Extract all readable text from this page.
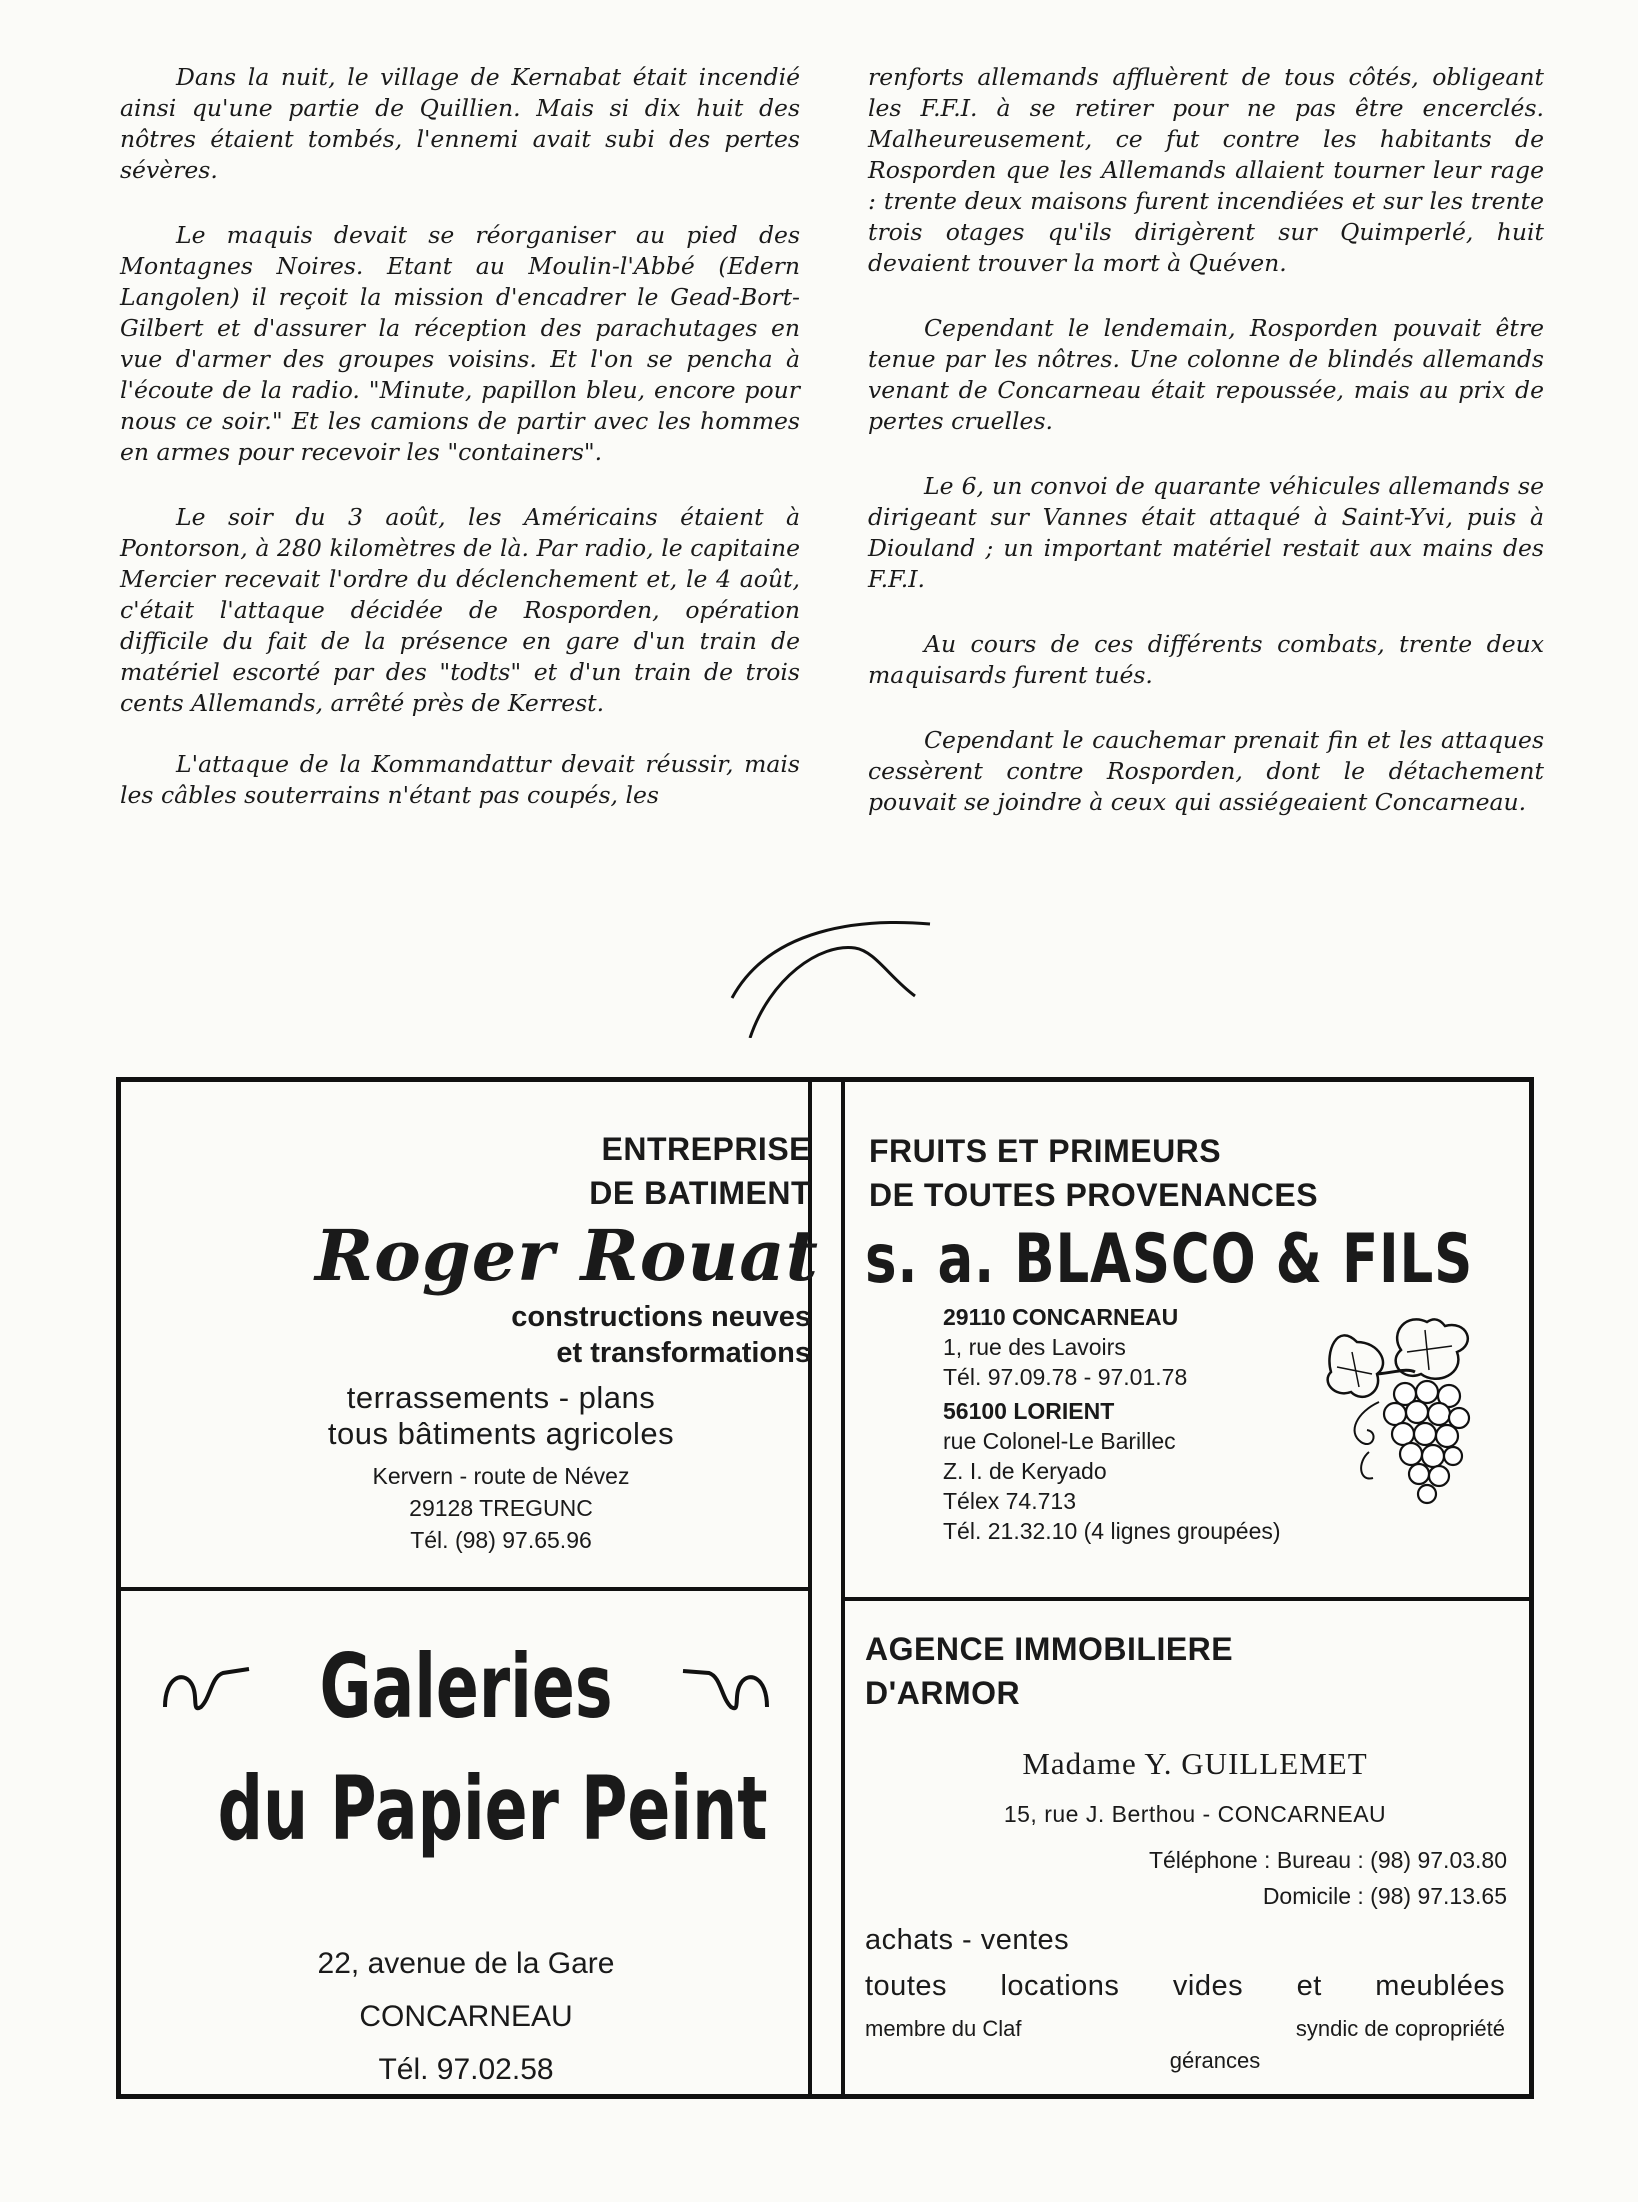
Dans la nuit, le village de Kernabat était incendié ainsi qu'une partie de Quillien. Mais si dix huit des nôtres étaient tombés, l'ennemi avait subi des pertes sévères.

Le maquis devait se réorganiser au pied des Montagnes Noires. Etant au Moulin-l'Abbé (Edern Langolen) il reçoit la mission d'encadrer le Gead-Bort-Gilbert et d'assurer la réception des parachutages en vue d'armer des groupes voisins. Et l'on se pencha à l'écoute de la radio. "Minute, papillon bleu, encore pour nous ce soir." Et les camions de partir avec les hommes en armes pour recevoir les "containers".

Le soir du 3 août, les Américains étaient à Pontorson, à 280 kilomètres de là. Par radio, le capitaine Mercier recevait l'ordre du déclenchement et, le 4 août, c'était l'attaque décidée de Rosporden, opération difficile du fait de la présence en gare d'un train de matériel escorté par des "todts" et d'un train de trois cents Allemands, arrêté près de Kerrest.

L'attaque de la Kommandattur devait réussir, mais les câbles souterrains n'étant pas coupés, les

renforts allemands affluèrent de tous côtés, obligeant les F.F.I. à se retirer pour ne pas être encerclés. Malheureusement, ce fut contre les habitants de Rosporden que les Allemands allaient tourner leur rage : trente deux maisons furent incendiées et sur les trente trois otages qu'ils dirigèrent sur Quimperlé, huit devaient trouver la mort à Quéven.

Cependant le lendemain, Rosporden pouvait être tenue par les nôtres. Une colonne de blindés allemands venant de Concarneau était repoussée, mais au prix de pertes cruelles.

Le 6, un convoi de quarante véhicules allemands se dirigeant sur Vannes était attaqué à Saint-Yvi, puis à Diouland ; un important matériel restait aux mains des F.F.I.

Au cours de ces différents combats, trente deux maquisards furent tués.

Cependant le cauchemar prenait fin et les attaques cessèrent contre Rosporden, dont le détachement pouvait se joindre à ceux qui assiégeaient Concarneau.

ENTREPRISE
DE BATIMENT
Roger Rouat
constructions neuves
et transformations
terrassements - plans
tous bâtiments agricoles
Kervern - route de Névez
29128 TREGUNC
Tél. (98) 97.65.96
FRUITS ET PRIMEURS
DE TOUTES PROVENANCES
s. a. BLASCO & FILS
29110 CONCARNEAU
1, rue des Lavoirs
Tél. 97.09.78 - 97.01.78
56100 LORIENT
rue Colonel-Le Barillec
Z. I. de Keryado
Télex 74.713
Tél. 21.32.10 (4 lignes groupées)
Galeries
du Papier Peint
22, avenue de la Gare
CONCARNEAU
Tél. 97.02.58
AGENCE IMMOBILIERE
D'ARMOR
Madame Y. GUILLEMET
15, rue J. Berthou - CONCARNEAU
Téléphone : Bureau : (98) 97.03.80
Domicile : (98) 97.13.65
achats - ventes
toutes locations vides et meublées
membre du Claf	syndic de copropriété
gérances
